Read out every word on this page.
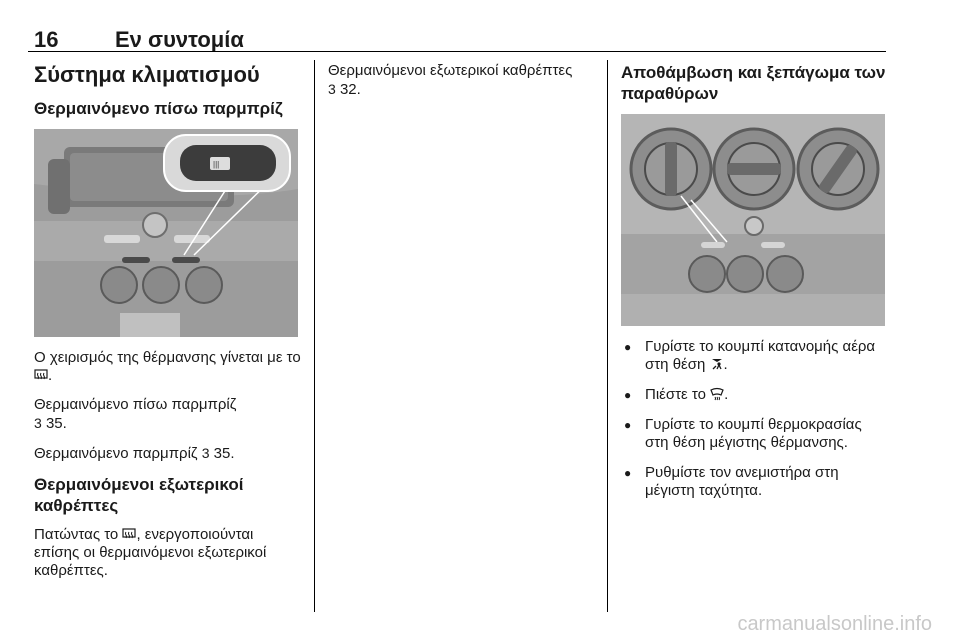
16	Εν συντομία
Σύστημα κλιματισμού
Θερμαινόμενο πίσω παρμπρίζ
|||

Ο χειρισμός της θέρμανσης γίνεται με το .

Θερμαινόμενο πίσω παρμπρίζ
3 35.

Θερμαινόμενο παρμπρίζ 3 35.

Θερμαινόμενοι εξωτερικοί καθρέπτες

Πατώντας το , ενεργοποιούνται επίσης οι θερμαινόμενοι εξωτερικοί καθρέπτες.

Θερμαινόμενοι εξωτερικοί καθρέπτες
3 32.

Αποθάμβωση και ξεπάγωμα των παραθύρων
● Γυρίστε το κουμπί κατανομής αέρα στη θέση .
● Πιέστε το .
● Γυρίστε το κουμπί θερμοκρασίας στη θέση μέγιστης θέρμανσης.
● Ρυθμίστε τον ανεμιστήρα στη μέγιστη ταχύτητα.
carmanualsonline.info
